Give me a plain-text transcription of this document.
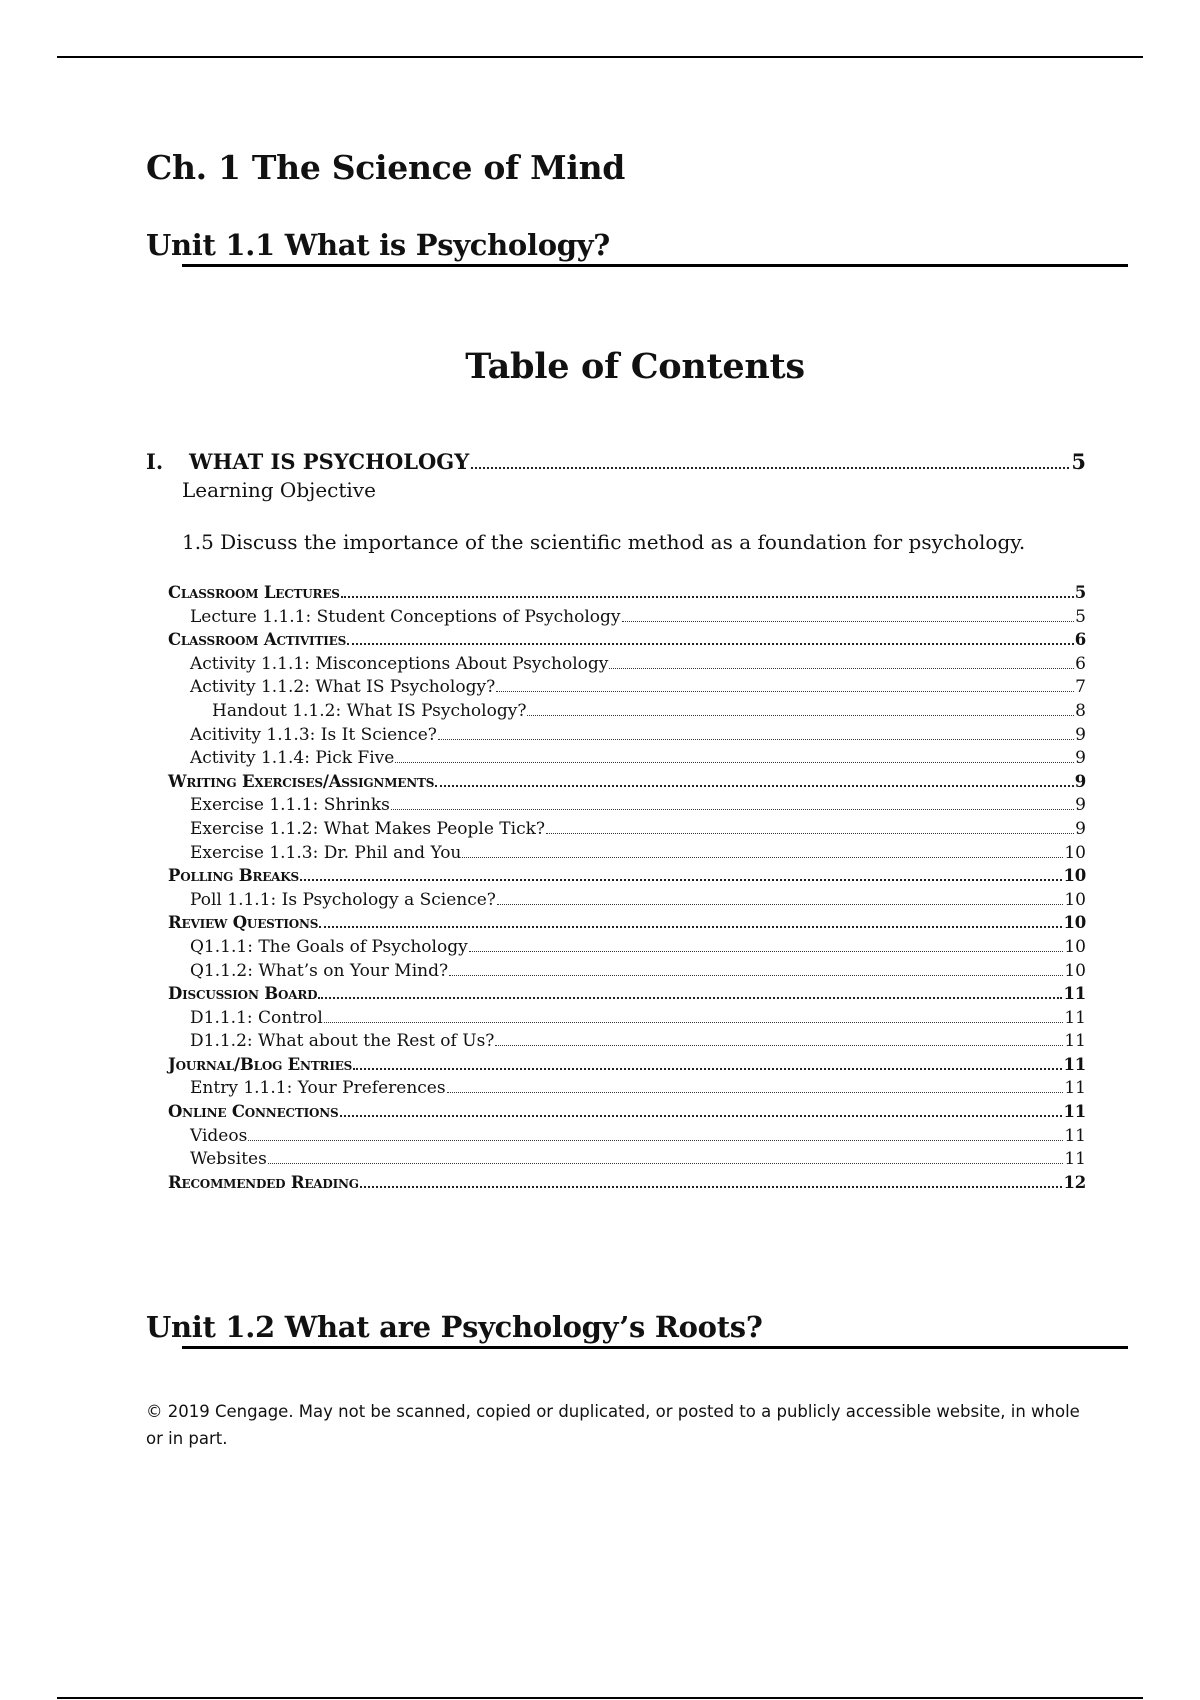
Ch. 1 The Science of Mind
Unit 1.1 What is Psychology?
Table of Contents
I.	WHAT IS PSYCHOLOGY	5

Learning Objective

1.5 Discuss the importance of the scientific method as a foundation for psychology.

Classroom Lectures	5
Lecture 1.1.1: Student Conceptions of Psychology	5
Classroom Activities	6
Activity 1.1.1: Misconceptions About Psychology	6
Activity 1.1.2: What IS Psychology?	7
Handout 1.1.2: What IS Psychology?	8
Acitivity 1.1.3: Is It Science?	9
Activity 1.1.4: Pick Five	9
Writing Exercises/Assignments	9
Exercise 1.1.1: Shrinks	9
Exercise 1.1.2: What Makes People Tick?	9
Exercise 1.1.3: Dr. Phil and You	10
Polling Breaks	10
Poll 1.1.1: Is Psychology a Science?	10
Review Questions	10
Q1.1.1: The Goals of Psychology	10
Q1.1.2: What’s on Your Mind?	10
Discussion Board	11
D1.1.1: Control	11
D1.1.2: What about the Rest of Us?	11
Journal/Blog Entries	11
Entry 1.1.1: Your Preferences	11
Online Connections	11
Videos	11
Websites	11
Recommended Reading	12
Unit 1.2 What are Psychology’s Roots?

© 2019 Cengage. May not be scanned, copied or duplicated, or posted to a publicly accessible website, in whole or in part.
